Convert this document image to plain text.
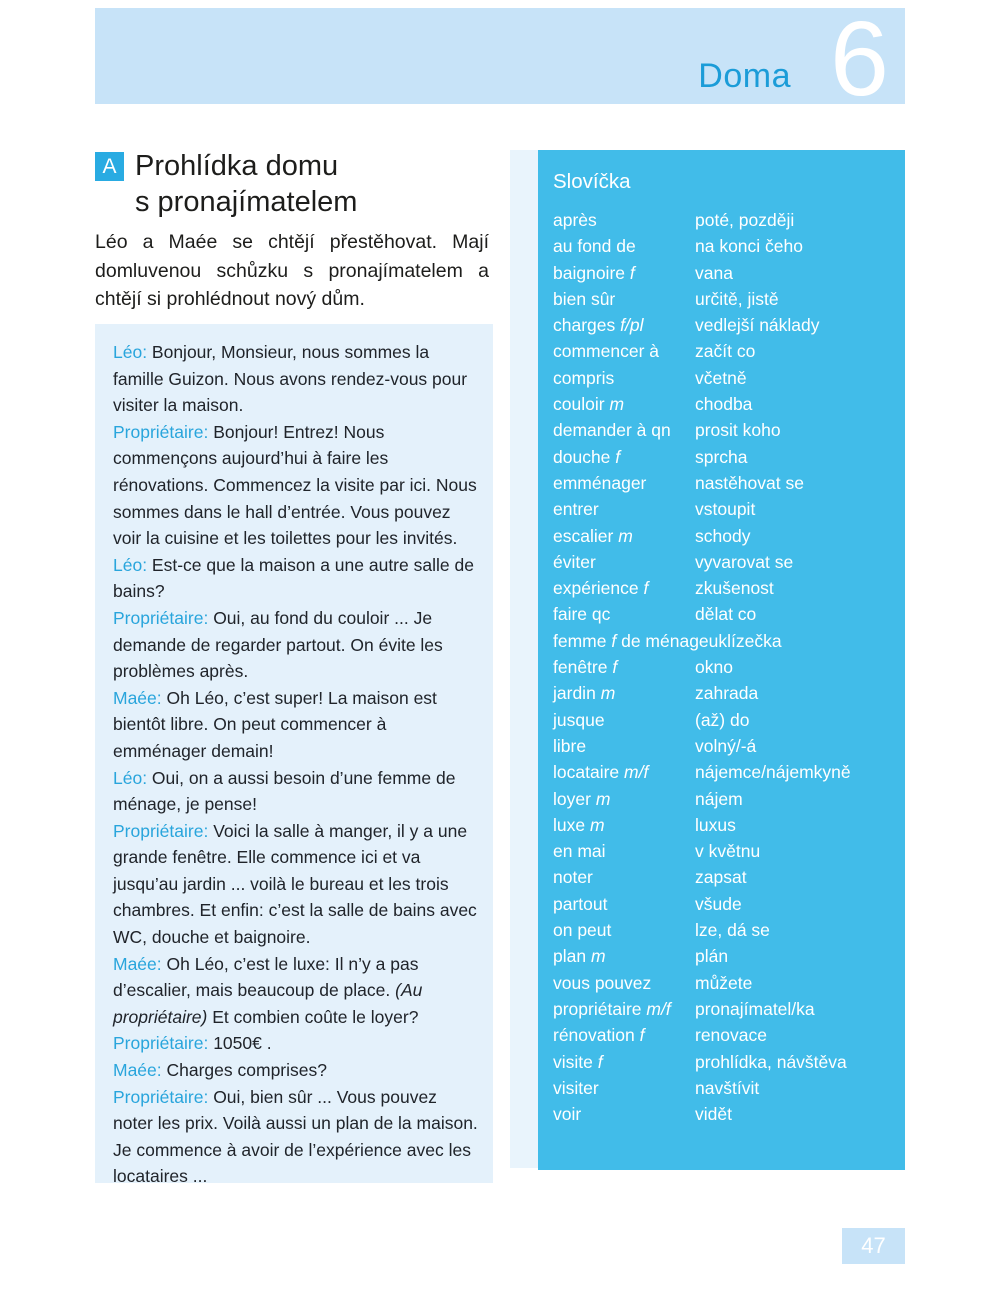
Doma 6
A Prohlídka domu
s pronajímatelem

Léo a Maée se chtějí přestěhovat. Mají domluvenou schůzku s pronajímatelem a chtějí si prohlédnout nový dům.

Léo: Bonjour, Monsieur, nous sommes la famille Guizon. Nous avons rendez-vous pour visiter la maison.

Propriétaire: Bonjour! Entrez! Nous commençons aujourd’hui à faire les rénovations. Commencez la visite par ici. Nous sommes dans le hall d’entrée. Vous pouvez voir la cuisine et les toilettes pour les invités.

Léo: Est-ce que la maison a une autre salle de bains?

Propriétaire: Oui, au fond du couloir ... Je demande de regarder partout. On évite les problèmes après.

Maée: Oh Léo, c’est super! La maison est bientôt libre. On peut commencer à emménager demain!

Léo: Oui, on a aussi besoin d’une femme de ménage, je pense!

Propriétaire: Voici la salle à manger, il y a une grande fenêtre. Elle commence ici et va jusqu’au jardin ... voilà le bureau et les trois chambres. Et enfin: c’est la salle de bains avec WC, douche et baignoire.

Maée: Oh Léo, c’est le luxe: Il n’y a pas d’escalier, mais beaucoup de place. (Au propriétaire) Et combien coûte le loyer?

Propriétaire: 1050€ .

Maée: Charges comprises?

Propriétaire: Oui, bien sûr ... Vous pouvez noter les prix. Voilà aussi un plan de la maison. Je commence à avoir de l’expérience avec les locataires ...

Slovíčka
après	poté, později
au fond de	na konci čeho
baignoire f	vana
bien sûr	určitě, jistě
charges f/pl	vedlejší náklady
commencer à	začít co
compris	včetně
couloir m	chodba
demander à qn	prosit koho
douche f	sprcha
emménager	nastěhovat se
entrer	vstoupit
escalier m	schody
éviter	vyvarovat se
expérience f	zkušenost
faire qc	dělat co
femme f de ménage uklízečka
fenêtre f	okno
jardin m	zahrada
jusque	(až) do
libre	volný/-á
locataire m/f	nájemce/nájemkyně
loyer m	nájem
luxe m	luxus
en mai	v květnu
noter	zapsat
partout	všude
on peut	lze, dá se
plan m	plán
vous pouvez	můžete
propriétaire m/f	pronajímatel/ka
rénovation f	renovace
visite f	prohlídka, návštěva
visiter	navštívit
voir	vidět
47
